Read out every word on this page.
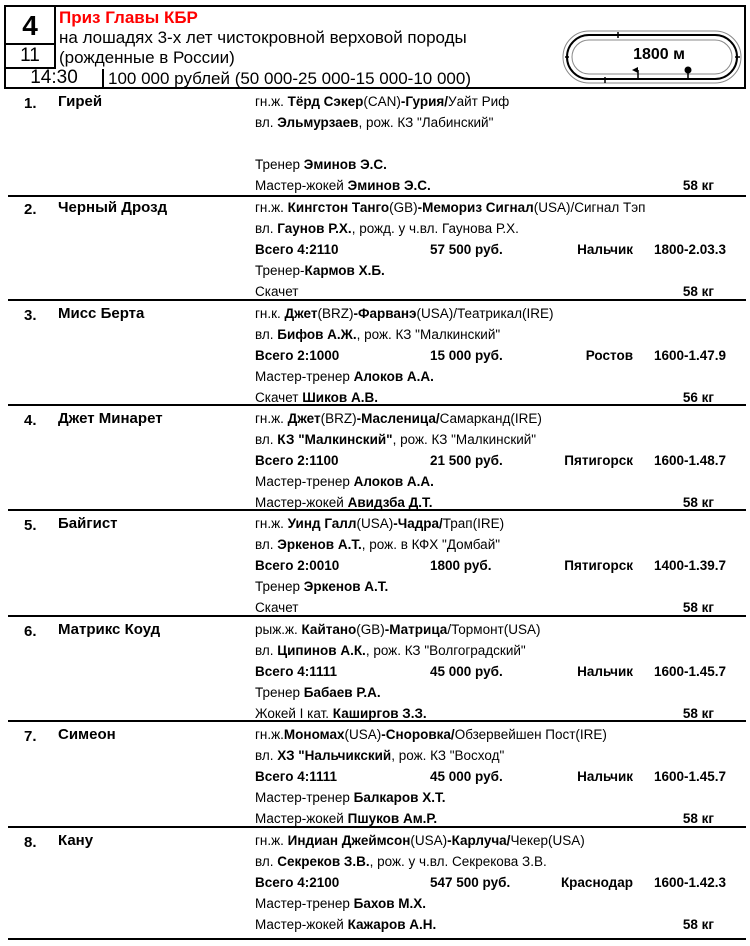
4
11
14:30
Приз Главы КБР
на лошадях 3-х лет чистокровной верховой породы
(рожденные в России)
100 000 рублей (50 000-25 000-15 000-10 000)
1800 м
1. Гирей	гн.ж. Тёрд Сэкер(CAN)-Гурия/Уайт Риф
вл. Эльмурзаев, рож. КЗ "Лабинский"
Тренер Эминов Э.С.
Мастер-жокей Эминов Э.С.	58 кг
2. Черный Дрозд	гн.ж. Кингстон Танго(GB)-Мемориз Сигнал(USA)/Сигнал Тэп
вл. Гаунов Р.Х., рожд. у ч.вл. Гаунова Р.Х.
Всего 4:2110	57 500 руб.	Нальчик 1800-2.03.3
Тренер-Кармов Х.Б.
Скачет	58 кг
3. Мисс Берта	гн.к. Джет(BRZ)-Фарванэ(USA)/Театрикал(IRE)
вл. Бифов А.Ж., рож. КЗ "Малкинский"
Всего 2:1000	15 000 руб.	Ростов 1600-1.47.9
Мастер-тренер Алоков А.А.
Скачет Шиков А.В.	56 кг
4. Джет Минарет	гн.ж. Джет(BRZ)-Масленица/Самарканд(IRE)
вл. КЗ "Малкинский", рож. КЗ "Малкинский"
Всего 2:1100	21 500 руб.	Пятигорск 1600-1.48.7
Мастер-тренер Алоков А.А.
Мастер-жокей Авидзба Д.Т.	58 кг
5. Байгист	гн.ж. Уинд Галл(USA)-Чадра/Трап(IRE)
вл. Эркенов А.Т., рож. в КФХ "Домбай"
Всего 2:0010	1800 руб.	Пятигорск 1400-1.39.7
Тренер Эркенов А.Т.
Скачет	58 кг
6. Матрикс Коуд	рыж.ж. Кайтано(GB)-Матрица/Тормонт(USA)
вл. Ципинов А.К., рож. КЗ "Волгоградский"
Всего 4:1111	45 000 руб.	Нальчик 1600-1.45.7
Тренер Бабаев Р.А.
Жокей I кат. Каширгов З.З.	58 кг
7. Симеон	гн.ж.Мономах(USA)-Сноровка/Обзервейшен Пост(IRE)
вл. ХЗ "Нальчикский, рож. КЗ "Восход"
Всего 4:1111	45 000 руб.	Нальчик 1600-1.45.7
Мастер-тренер Балкаров Х.Т.
Мастер-жокей Пшуков Ам.Р.	58 кг
8. Кану	гн.ж. Индиан Джеймсон(USA)-Карлуча/Чекер(USA)
вл. Секреков З.В., рож. у ч.вл. Секрекова З.В.
Всего 4:2100	547 500 руб.	Краснодар 1600-1.42.3
Мастер-тренер Бахов М.Х.
Мастер-жокей Кажаров А.Н.	58 кг
